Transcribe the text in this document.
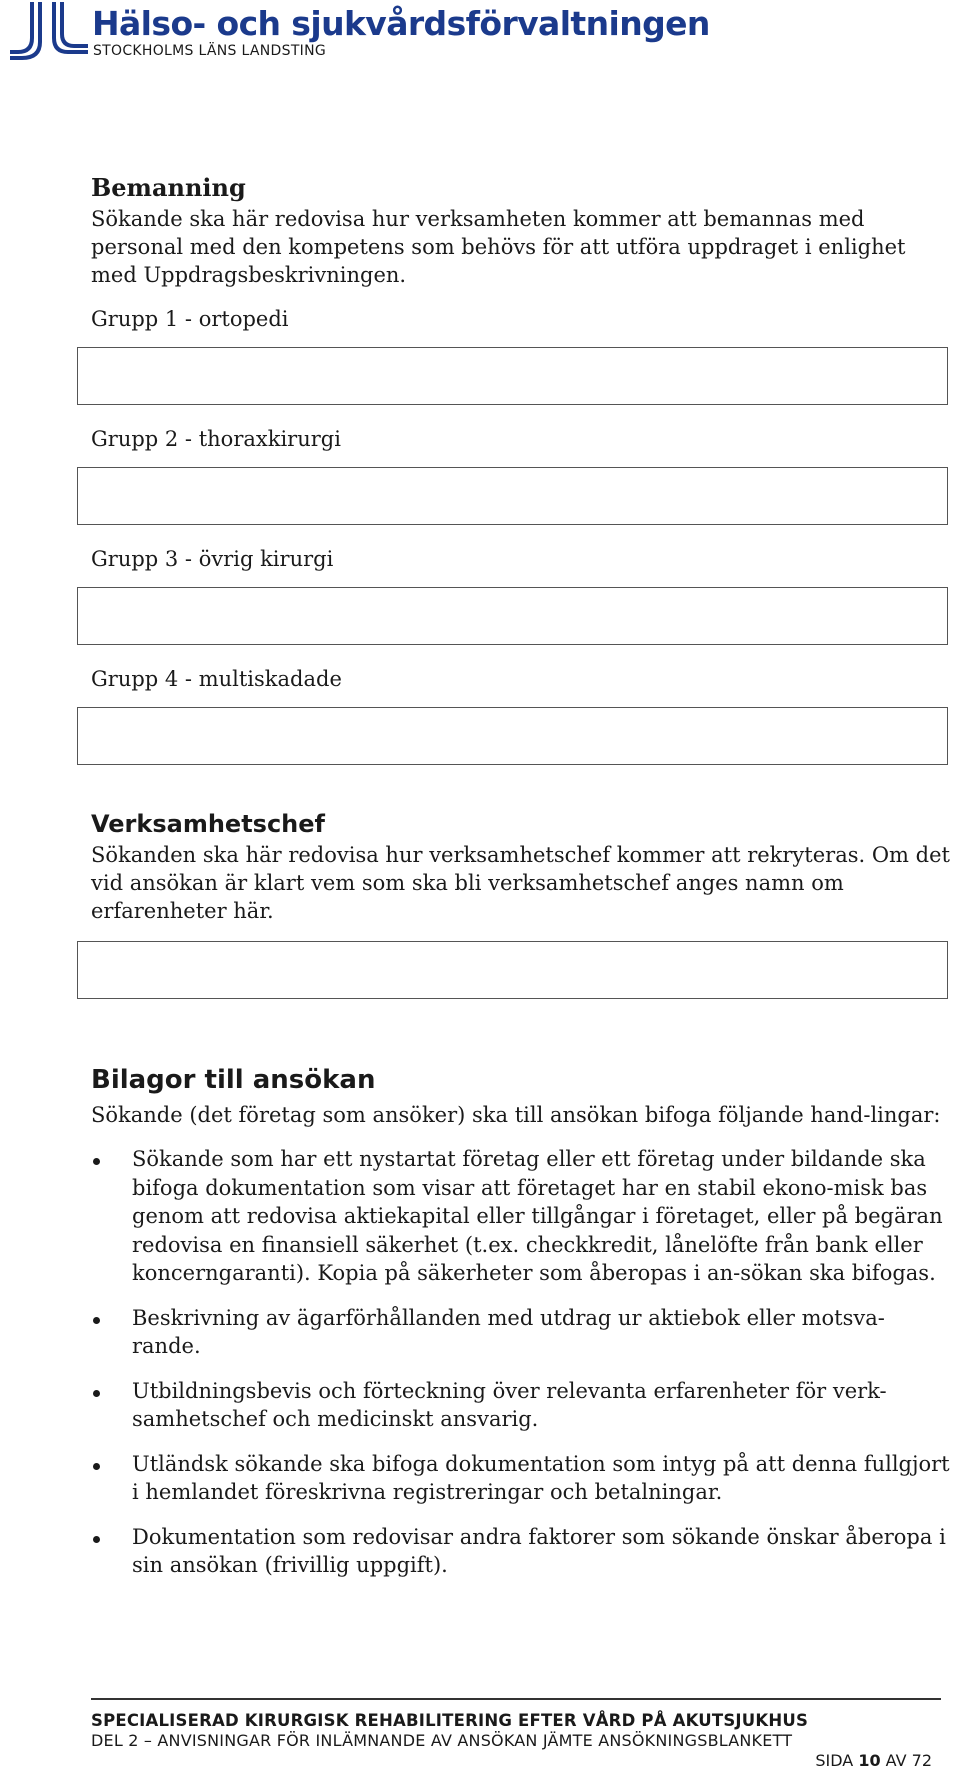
Hälso- och sjukvårdsförvaltningen
STOCKHOLMS LÄNS LANDSTING
Bemanning

Sökande ska här redovisa hur verksamheten kommer att bemannas med personal med den kompetens som behövs för att utföra uppdraget i enlighet med Uppdragsbeskrivningen.

Grupp 1 - ortopedi

Grupp 2 - thoraxkirurgi

Grupp 3 - övrig kirurgi

Grupp 4 - multiskadade

Verksamhetschef

Sökanden ska här redovisa hur verksamhetschef kommer att rekryteras. Om det vid ansökan är klart vem som ska bli verksamhetschef anges namn om erfarenheter här.

Bilagor till ansökan

Sökande (det företag som ansöker) ska till ansökan bifoga följande hand-lingar:

Sökande som har ett nystartat företag eller ett företag under bildande ska bifoga dokumentation som visar att företaget har en stabil ekono-misk bas genom att redovisa aktiekapital eller tillgångar i företaget, eller på begäran redovisa en finansiell säkerhet (t.ex. checkkredit, lånelöfte från bank eller koncerngaranti). Kopia på säkerheter som åberopas i an-sökan ska bifogas.
Beskrivning av ägarförhållanden med utdrag ur aktiebok eller motsva-rande.
Utbildningsbevis och förteckning över relevanta erfarenheter för verk-samhetschef och medicinskt ansvarig.
Utländsk sökande ska bifoga dokumentation som intyg på att denna fullgjort i hemlandet föreskrivna registreringar och betalningar.
Dokumentation som redovisar andra faktorer som sökande önskar åberopa i sin ansökan (frivillig uppgift).
SPECIALISERAD KIRURGISK REHABILITERING EFTER VÅRD PÅ AKUTSJUKHUS
DEL 2 – ANVISNINGAR FÖR INLÄMNANDE AV ANSÖKAN JÄMTE ANSÖKNINGSBLANKETT
SIDA 10 AV 72
